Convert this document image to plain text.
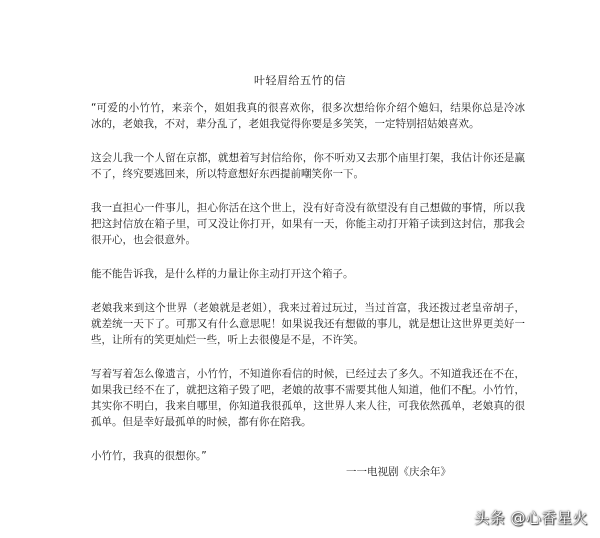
叶轻眉给五竹的信

“可爱的小竹竹，来亲个，姐姐我真的很喜欢你，很多次想给你介绍个媳妇，结果你总是冷冰冰的，老娘我，不对，辈分乱了，老姐我觉得你要是多笑笑，一定特别招姑娘喜欢。

这会儿我一个人留在京都，就想着写封信给你，你不听劝又去那个庙里打架，我估计你还是赢不了，终究要逃回来，所以特意想好东西提前嘲笑你一下。

我一直担心一件事儿，担心你活在这个世上，没有好奇没有欲望没有自己想做的事情，所以我把这封信放在箱子里，可又没让你打开，如果有一天，你能主动打开箱子读到这封信，那我会很开心，也会很意外。

能不能告诉我，是什么样的力量让你主动打开这个箱子。

老娘我来到这个世界（老娘就是老姐），我来过着过玩过，当过首富，我还拨过老皇帝胡子，就差统一天下了。可那又有什么意思呢！如果说我还有想做的事儿，就是想让这世界更美好一些，让所有的笑更灿烂一些，听上去很傻是不是，不许笑。

写着写着怎么像遗言，小竹竹，不知道你看信的时候，已经过去了多久。不知道我还在不在，如果我已经不在了，就把这箱子毁了吧，老娘的故事不需要其他人知道，他们不配。小竹竹，其实你不明白，我来自哪里，你知道我很孤单，这世界人来人往，可我依然孤单，老娘真的很孤单。但是幸好最孤单的时候，都有你在陪我。

小竹竹，我真的很想你。”

一一电视剧《庆余年》
头条 @心香星火
